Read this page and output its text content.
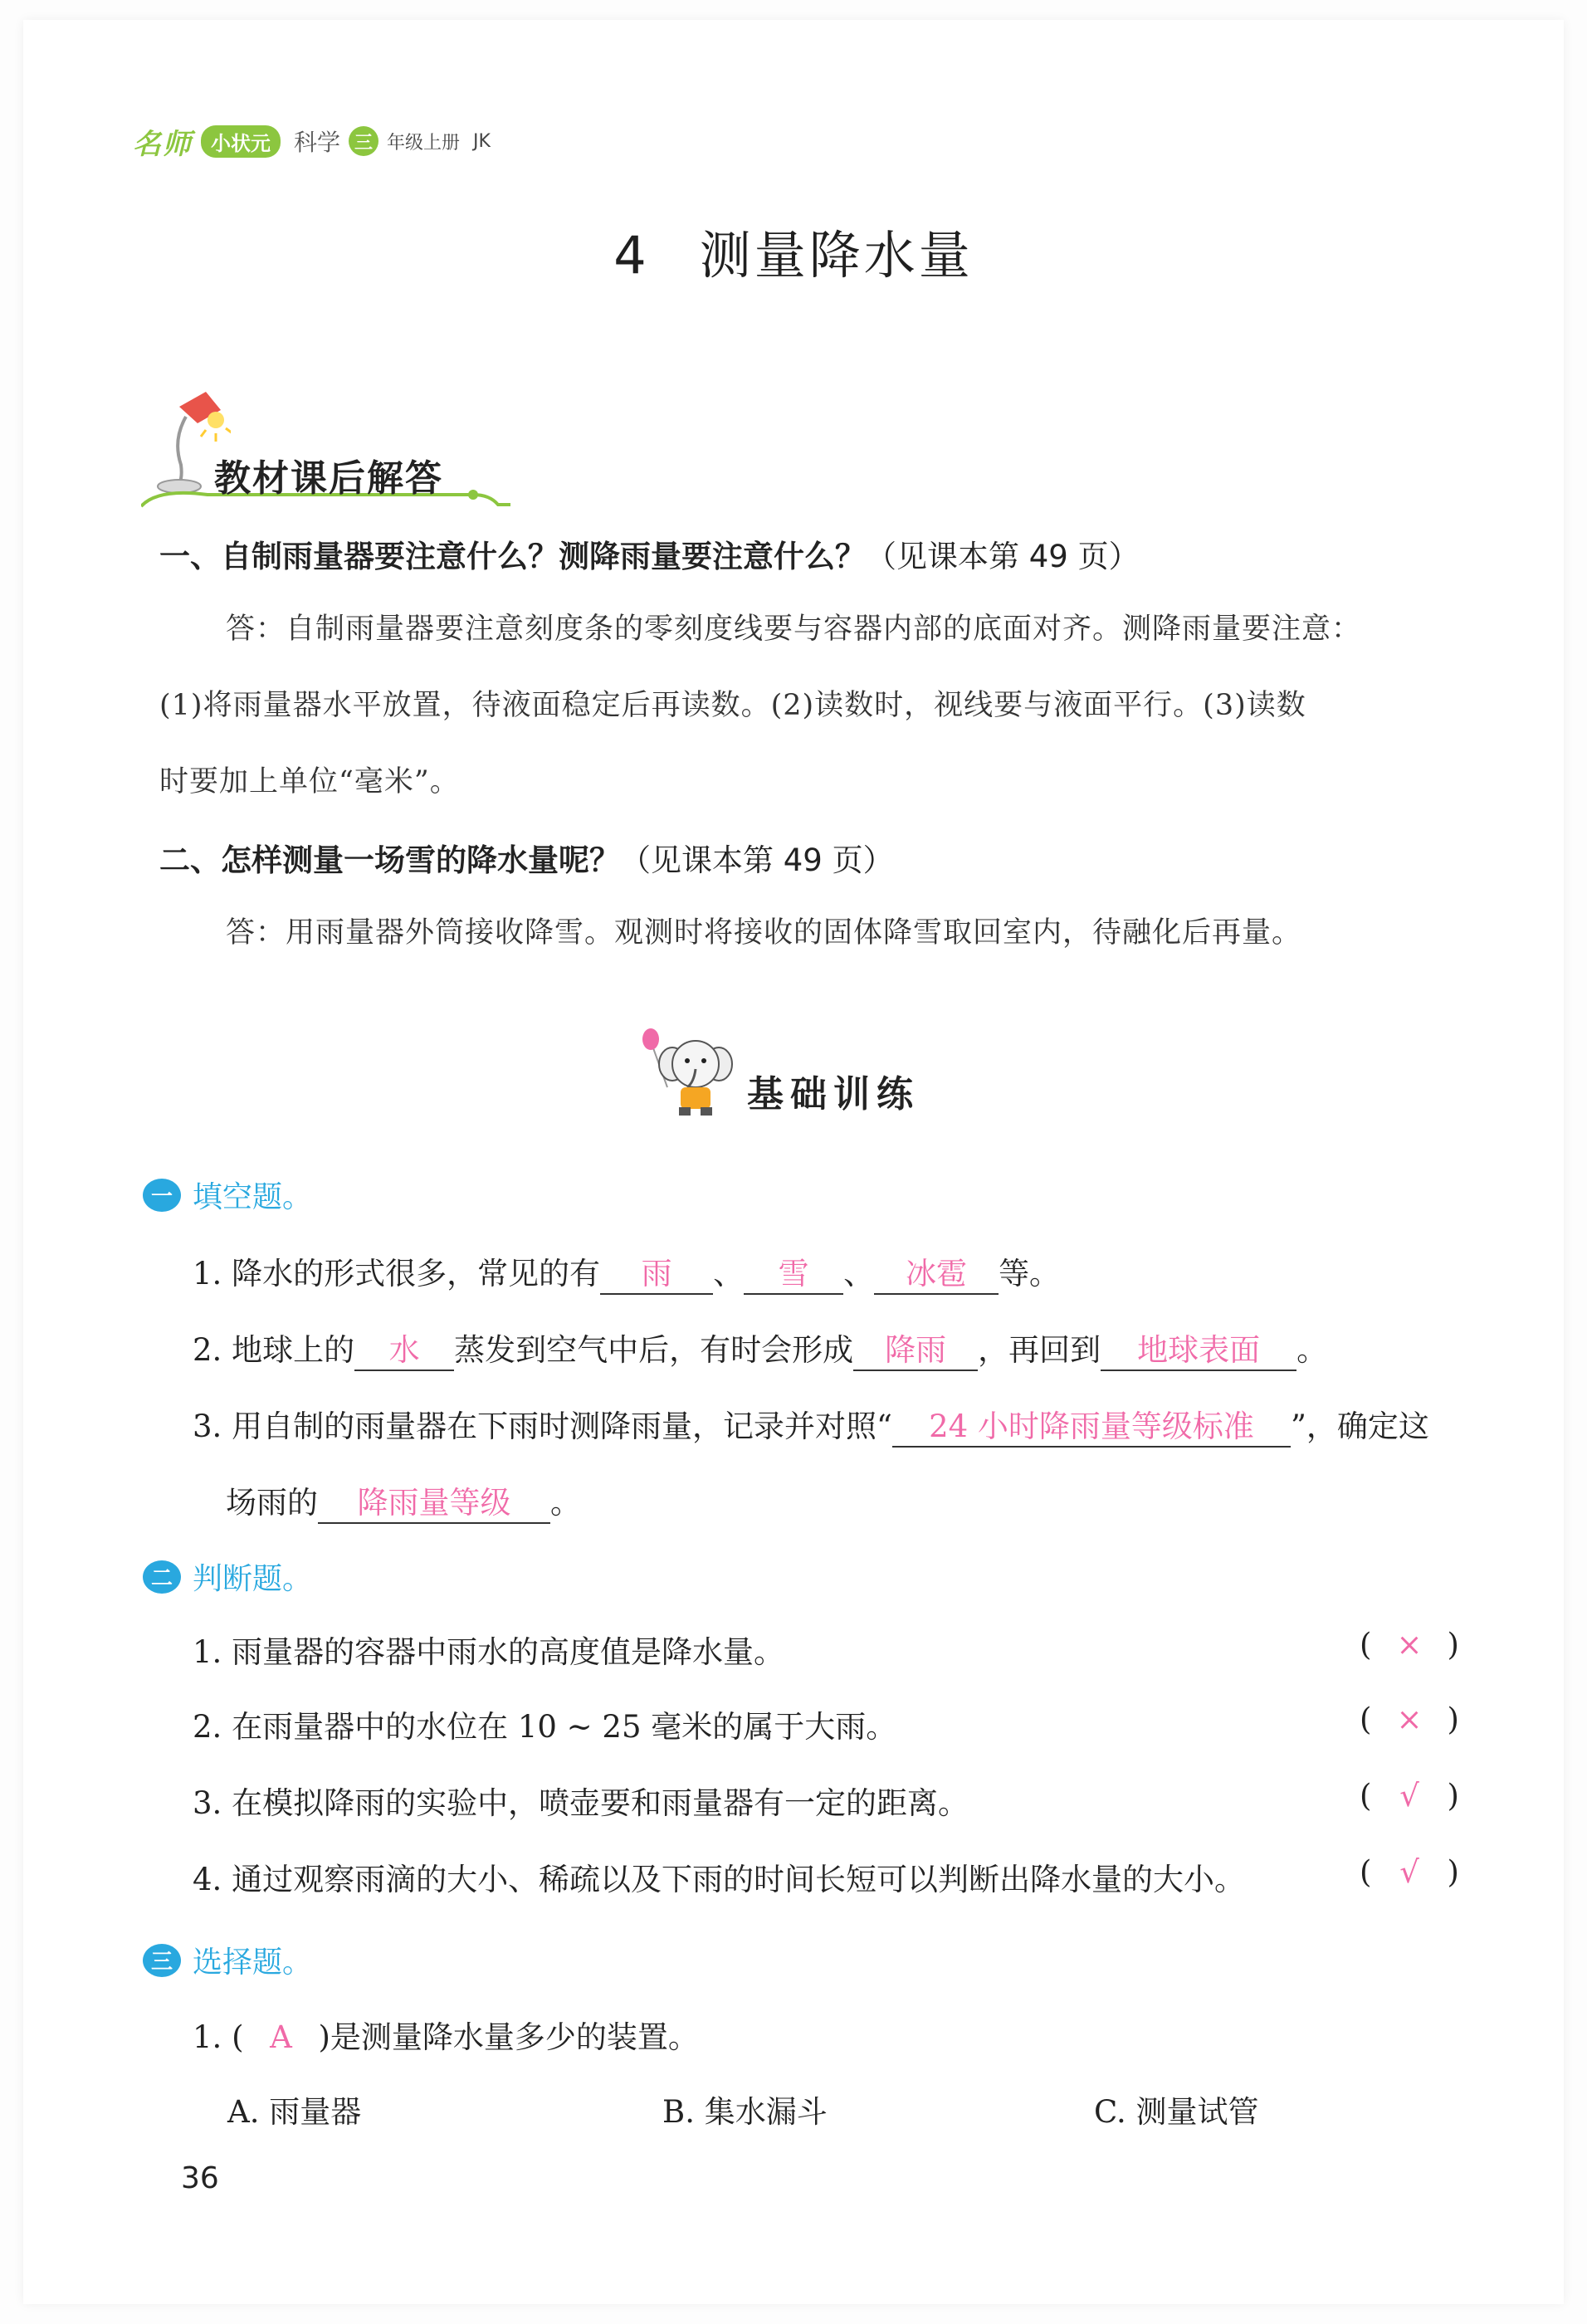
名师 小状元	科学 三 年级上册 JK
4 测量降水量
教材课后解答
一、自制雨量器要注意什么？测降雨量要注意什么？（见课本第 49 页）
答：自制雨量器要注意刻度条的零刻度线要与容器内部的底面对齐。测降雨量要注意：
(1)将雨量器水平放置，待液面稳定后再读数。(2)读数时，视线要与液面平行。(3)读数
时要加上单位“毫米”。
二、怎样测量一场雪的降水量呢？（见课本第 49 页）
答：用雨量器外筒接收降雪。观测时将接收的固体降雪取回室内，待融化后再量。
基础训练
一 填空题。
1. 降水的形式很多，常见的有 雨 、 雪 、 冰雹 等。
2. 地球上的 水 蒸发到空气中后，有时会形成 降雨 ，再回到 地球表面 。
3. 用自制的雨量器在下雨时测降雨量，记录并对照“ 24 小时降雨量等级标准 ”，确定这
场雨的 降雨量等级 。
二 判断题。
1. 雨量器的容器中雨水的高度值是降水量。	( × )
2. 在雨量器中的水位在 10 ~ 25 毫米的属于大雨。	( × )
3. 在模拟降雨的实验中，喷壶要和雨量器有一定的距离。	( √ )
4. 通过观察雨滴的大小、稀疏以及下雨的时间长短可以判断出降水量的大小。	( √ )
三 选择题。
1. ( A )是测量降水量多少的装置。
A. 雨量器	B. 集水漏斗	C. 测量试管
36
